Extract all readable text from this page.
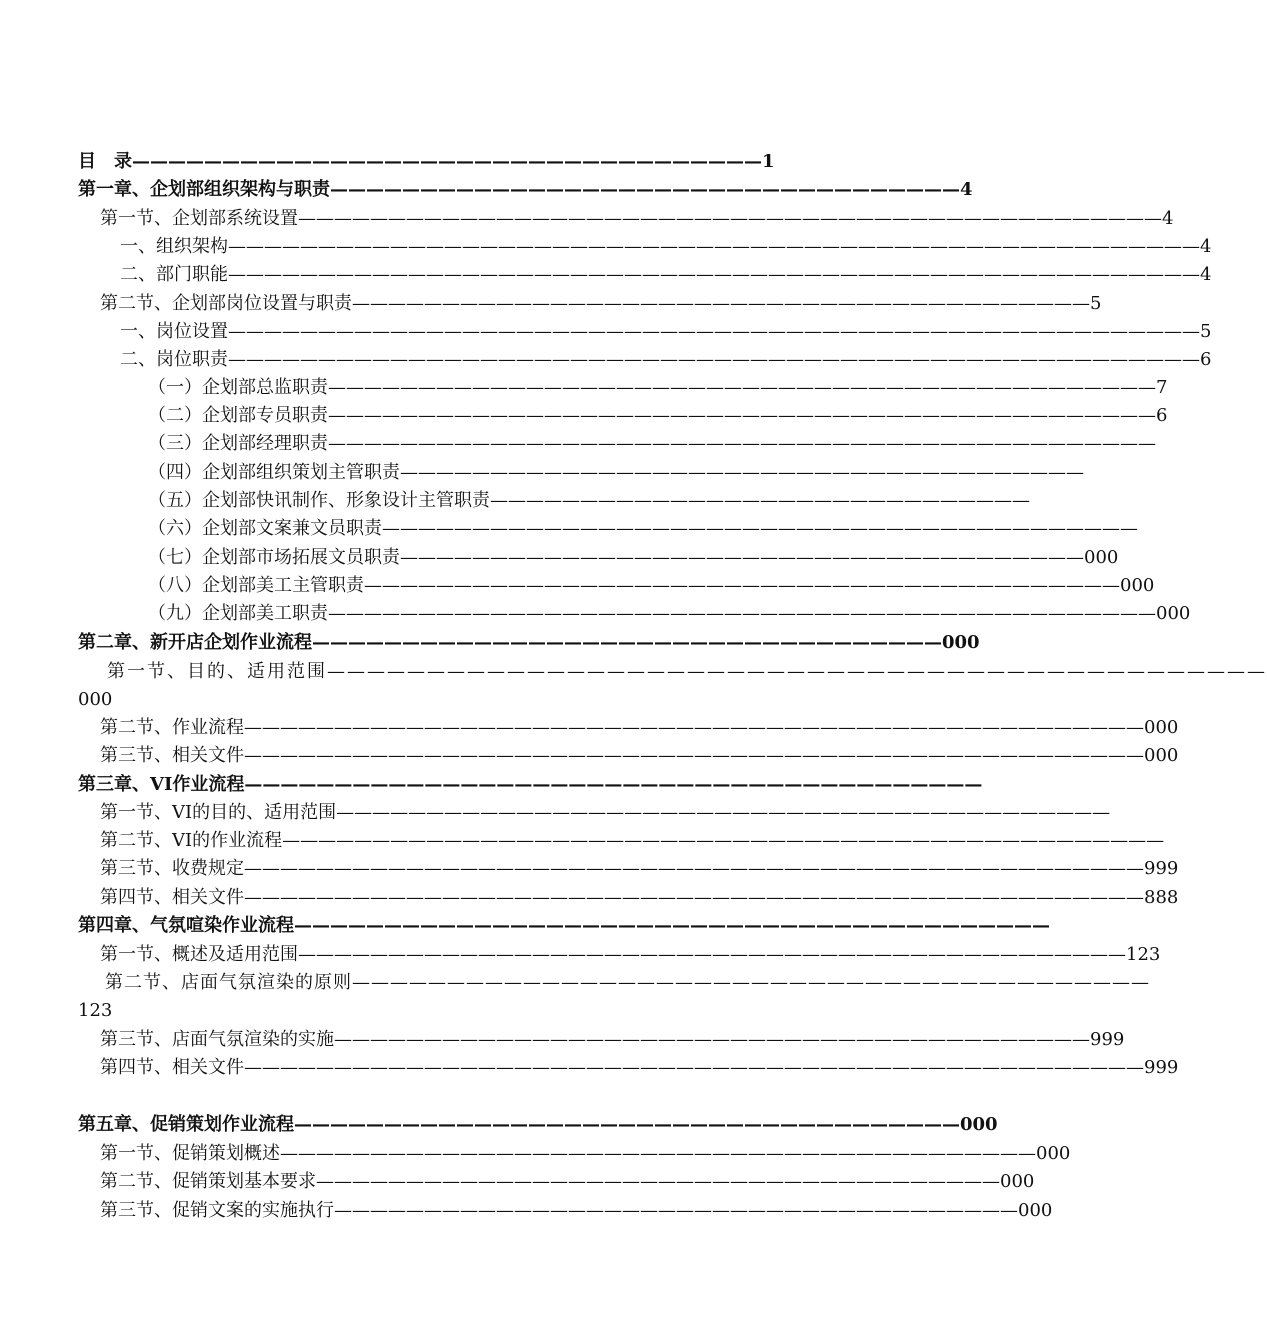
目　录———————————————————————————————————1
第一章、企划部组织架构与职责———————————————————————————————————4
第一节、企划部系统设置————————————————————————————————————————————————4
一、组织架构——————————————————————————————————————————————————————4
二、部门职能——————————————————————————————————————————————————————4
第二节、企划部岗位设置与职责—————————————————————————————————————————5
一、岗位设置——————————————————————————————————————————————————————5
二、岗位职责——————————————————————————————————————————————————————6
（一）企划部总监职责——————————————————————————————————————————————7
（二）企划部专员职责——————————————————————————————————————————————6
（三）企划部经理职责——————————————————————————————————————————————
（四）企划部组织策划主管职责——————————————————————————————————————
（五）企划部快讯制作、形象设计主管职责——————————————————————————————
（六）企划部文案兼文员职责——————————————————————————————————————————
（七）企划部市场拓展文员职责——————————————————————————————————————000
（八）企划部美工主管职责——————————————————————————————————————————000
（九）企划部美工职责——————————————————————————————————————————————000
第二章、新开店企划作业流程———————————————————————————————————000
第一节、目的、适用范围———————————————————————————————————————————————
000
第二节、作业流程——————————————————————————————————————————————————000
第三节、相关文件——————————————————————————————————————————————————000
第三章、VI作业流程—————————————————————————————————————————
第一节、VI的目的、适用范围———————————————————————————————————————————
第二节、VI的作业流程—————————————————————————————————————————————————
第三节、收费规定——————————————————————————————————————————————————999
第四节、相关文件——————————————————————————————————————————————————888
第四章、气氛喧染作业流程——————————————————————————————————————————
第一节、概述及适用范围——————————————————————————————————————————————123
第二节、店面气氛渲染的原则——————————————————————————————————————————
123
第三节、店面气氛渲染的实施——————————————————————————————————————————999
第四节、相关文件——————————————————————————————————————————————————999
第五章、促销策划作业流程—————————————————————————————————————000
第一节、促销策划概述——————————————————————————————————————————000
第二节、促销策划基本要求——————————————————————————————————————000
第三节、促销文案的实施执行——————————————————————————————————————000
